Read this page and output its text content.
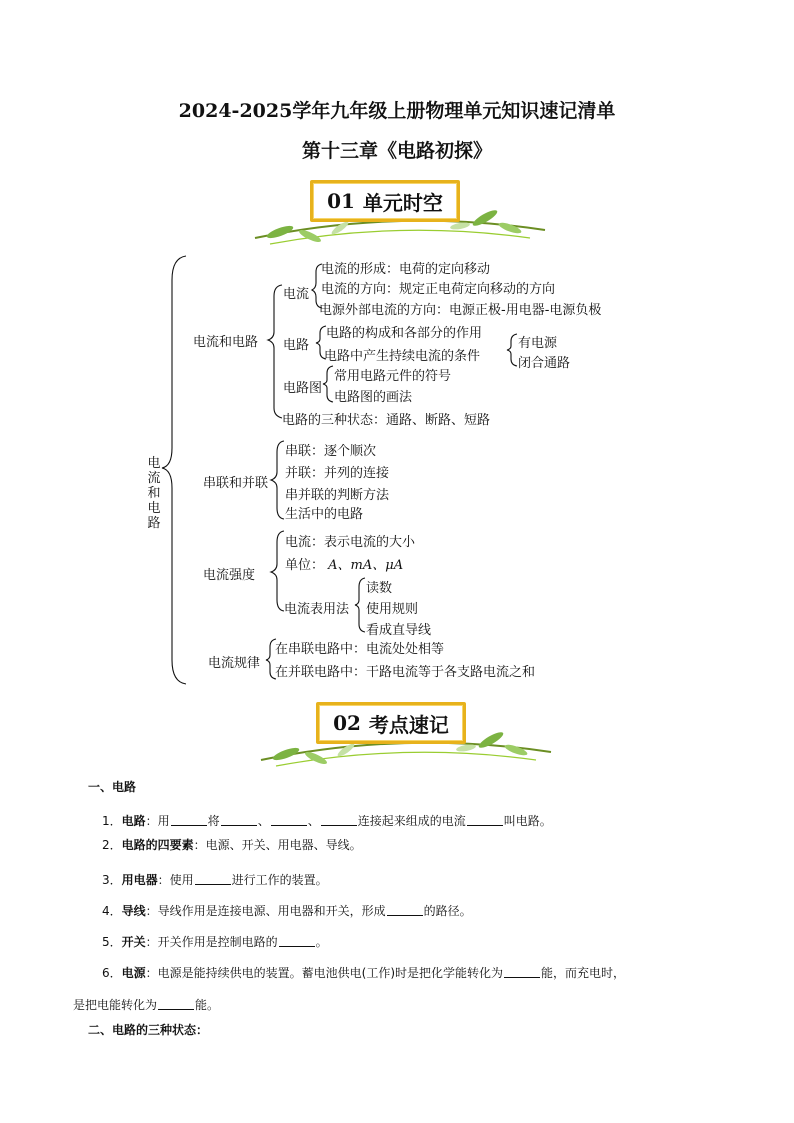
2024-2025学年九年级上册物理单元知识速记清单
第十三章《电路初探》
01 单元时空
电流和电路
电流和电路
电流
电流的形成：电荷的定向移动
电流的方向：规定正电荷定向移动的方向
电源外部电流的方向：电源正极-用电器-电源负极
电路
电路的构成和各部分的作用
电路中产生持续电流的条件
有电源
闭合通路
电路图
常用电路元件的符号
电路图的画法
电路的三种状态：通路、断路、短路
串联和并联
串联：逐个顺次
并联：并列的连接
串并联的判断方法
生活中的电路
电流强度
电流：表示电流的大小
单位： A、mA、μA
电流表用法
读数
使用规则
看成直导线
电流规律
在串联电路中：电流处处相等
在并联电路中：干路电流等于各支路电流之和
02 考点速记
一、电路
1．电路：用	将	、	、	连接起来组成的电流	叫电路。
2．电路的四要素：电源、开关、用电器、导线。
3．用电器：使用	进行工作的装置。
4．导线：导线作用是连接电源、用电器和开关，形成	的路径。
5．开关：开关作用是控制电路的	。
6．电源：电源是能持续供电的装置。蓄电池供电(工作)时是把化学能转化为	能，而充电时，
是把电能转化为	能。
二、电路的三种状态：
